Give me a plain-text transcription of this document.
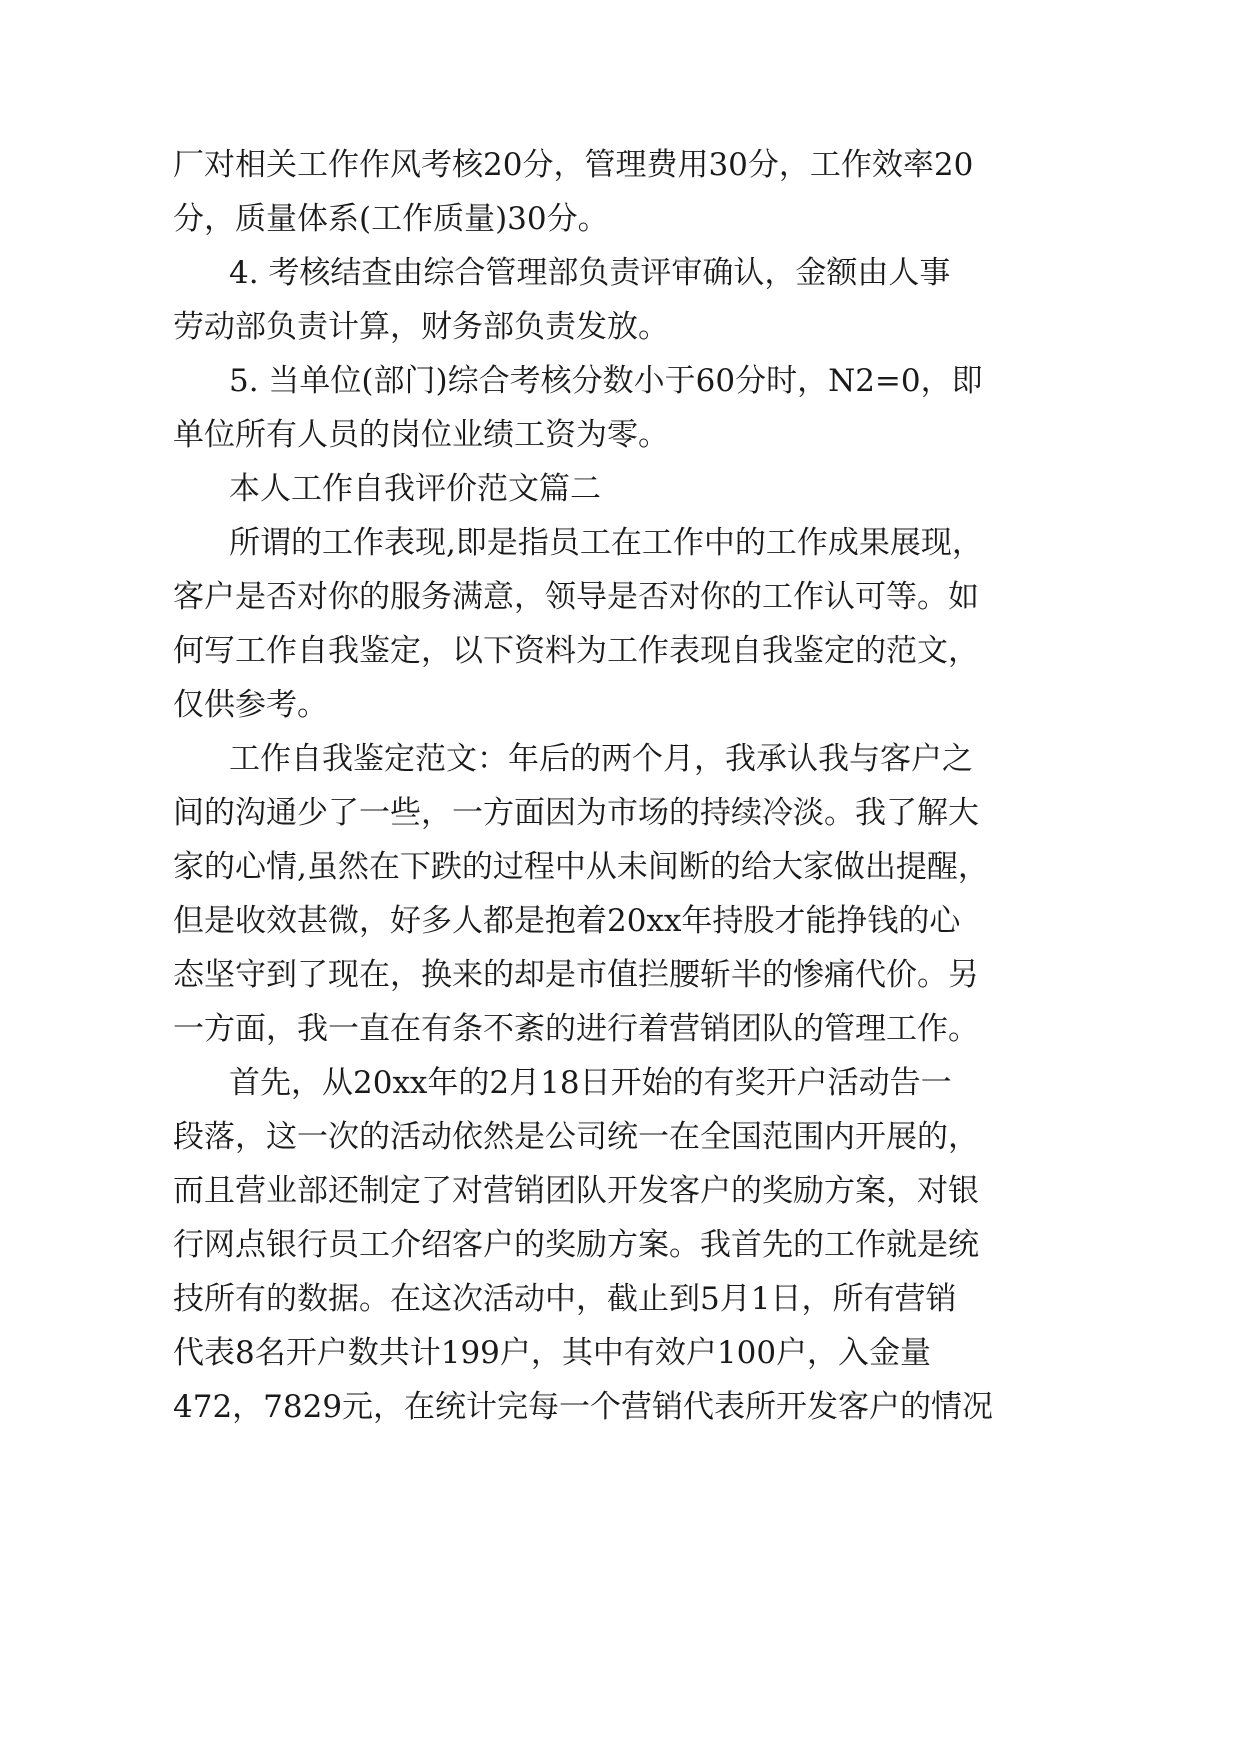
厂对相关工作作风考核20分，管理费用30分，工作效率20
分，质量体系(工作质量)30分。
4. 考核结查由综合管理部负责评审确认，金额由人事
劳动部负责计算，财务部负责发放。
5. 当单位(部门)综合考核分数小于60分时，N2=0，即
单位所有人员的岗位业绩工资为零。
本人工作自我评价范文篇二
所谓的工作表现,即是指员工在工作中的工作成果展现，
客户是否对你的服务满意，领导是否对你的工作认可等。如
何写工作自我鉴定，以下资料为工作表现自我鉴定的范文，
仅供参考。
工作自我鉴定范文：年后的两个月，我承认我与客户之
间的沟通少了一些，一方面因为市场的持续冷淡。我了解大
家的心情,虽然在下跌的过程中从未间断的给大家做出提醒，
但是收效甚微，好多人都是抱着20xx年持股才能挣钱的心
态坚守到了现在，换来的却是市值拦腰斩半的惨痛代价。另
一方面，我一直在有条不紊的进行着营销团队的管理工作。
首先，从20xx年的2月18日开始的有奖开户活动告一
段落，这一次的活动依然是公司统一在全国范围内开展的，
而且营业部还制定了对营销团队开发客户的奖励方案，对银
行网点银行员工介绍客户的奖励方案。我首先的工作就是统
技所有的数据。在这次活动中，截止到5月1日，所有营销
代表8名开户数共计199户，其中有效户100户，入金量
472，7829元，在统计完每一个营销代表所开发客户的情况
